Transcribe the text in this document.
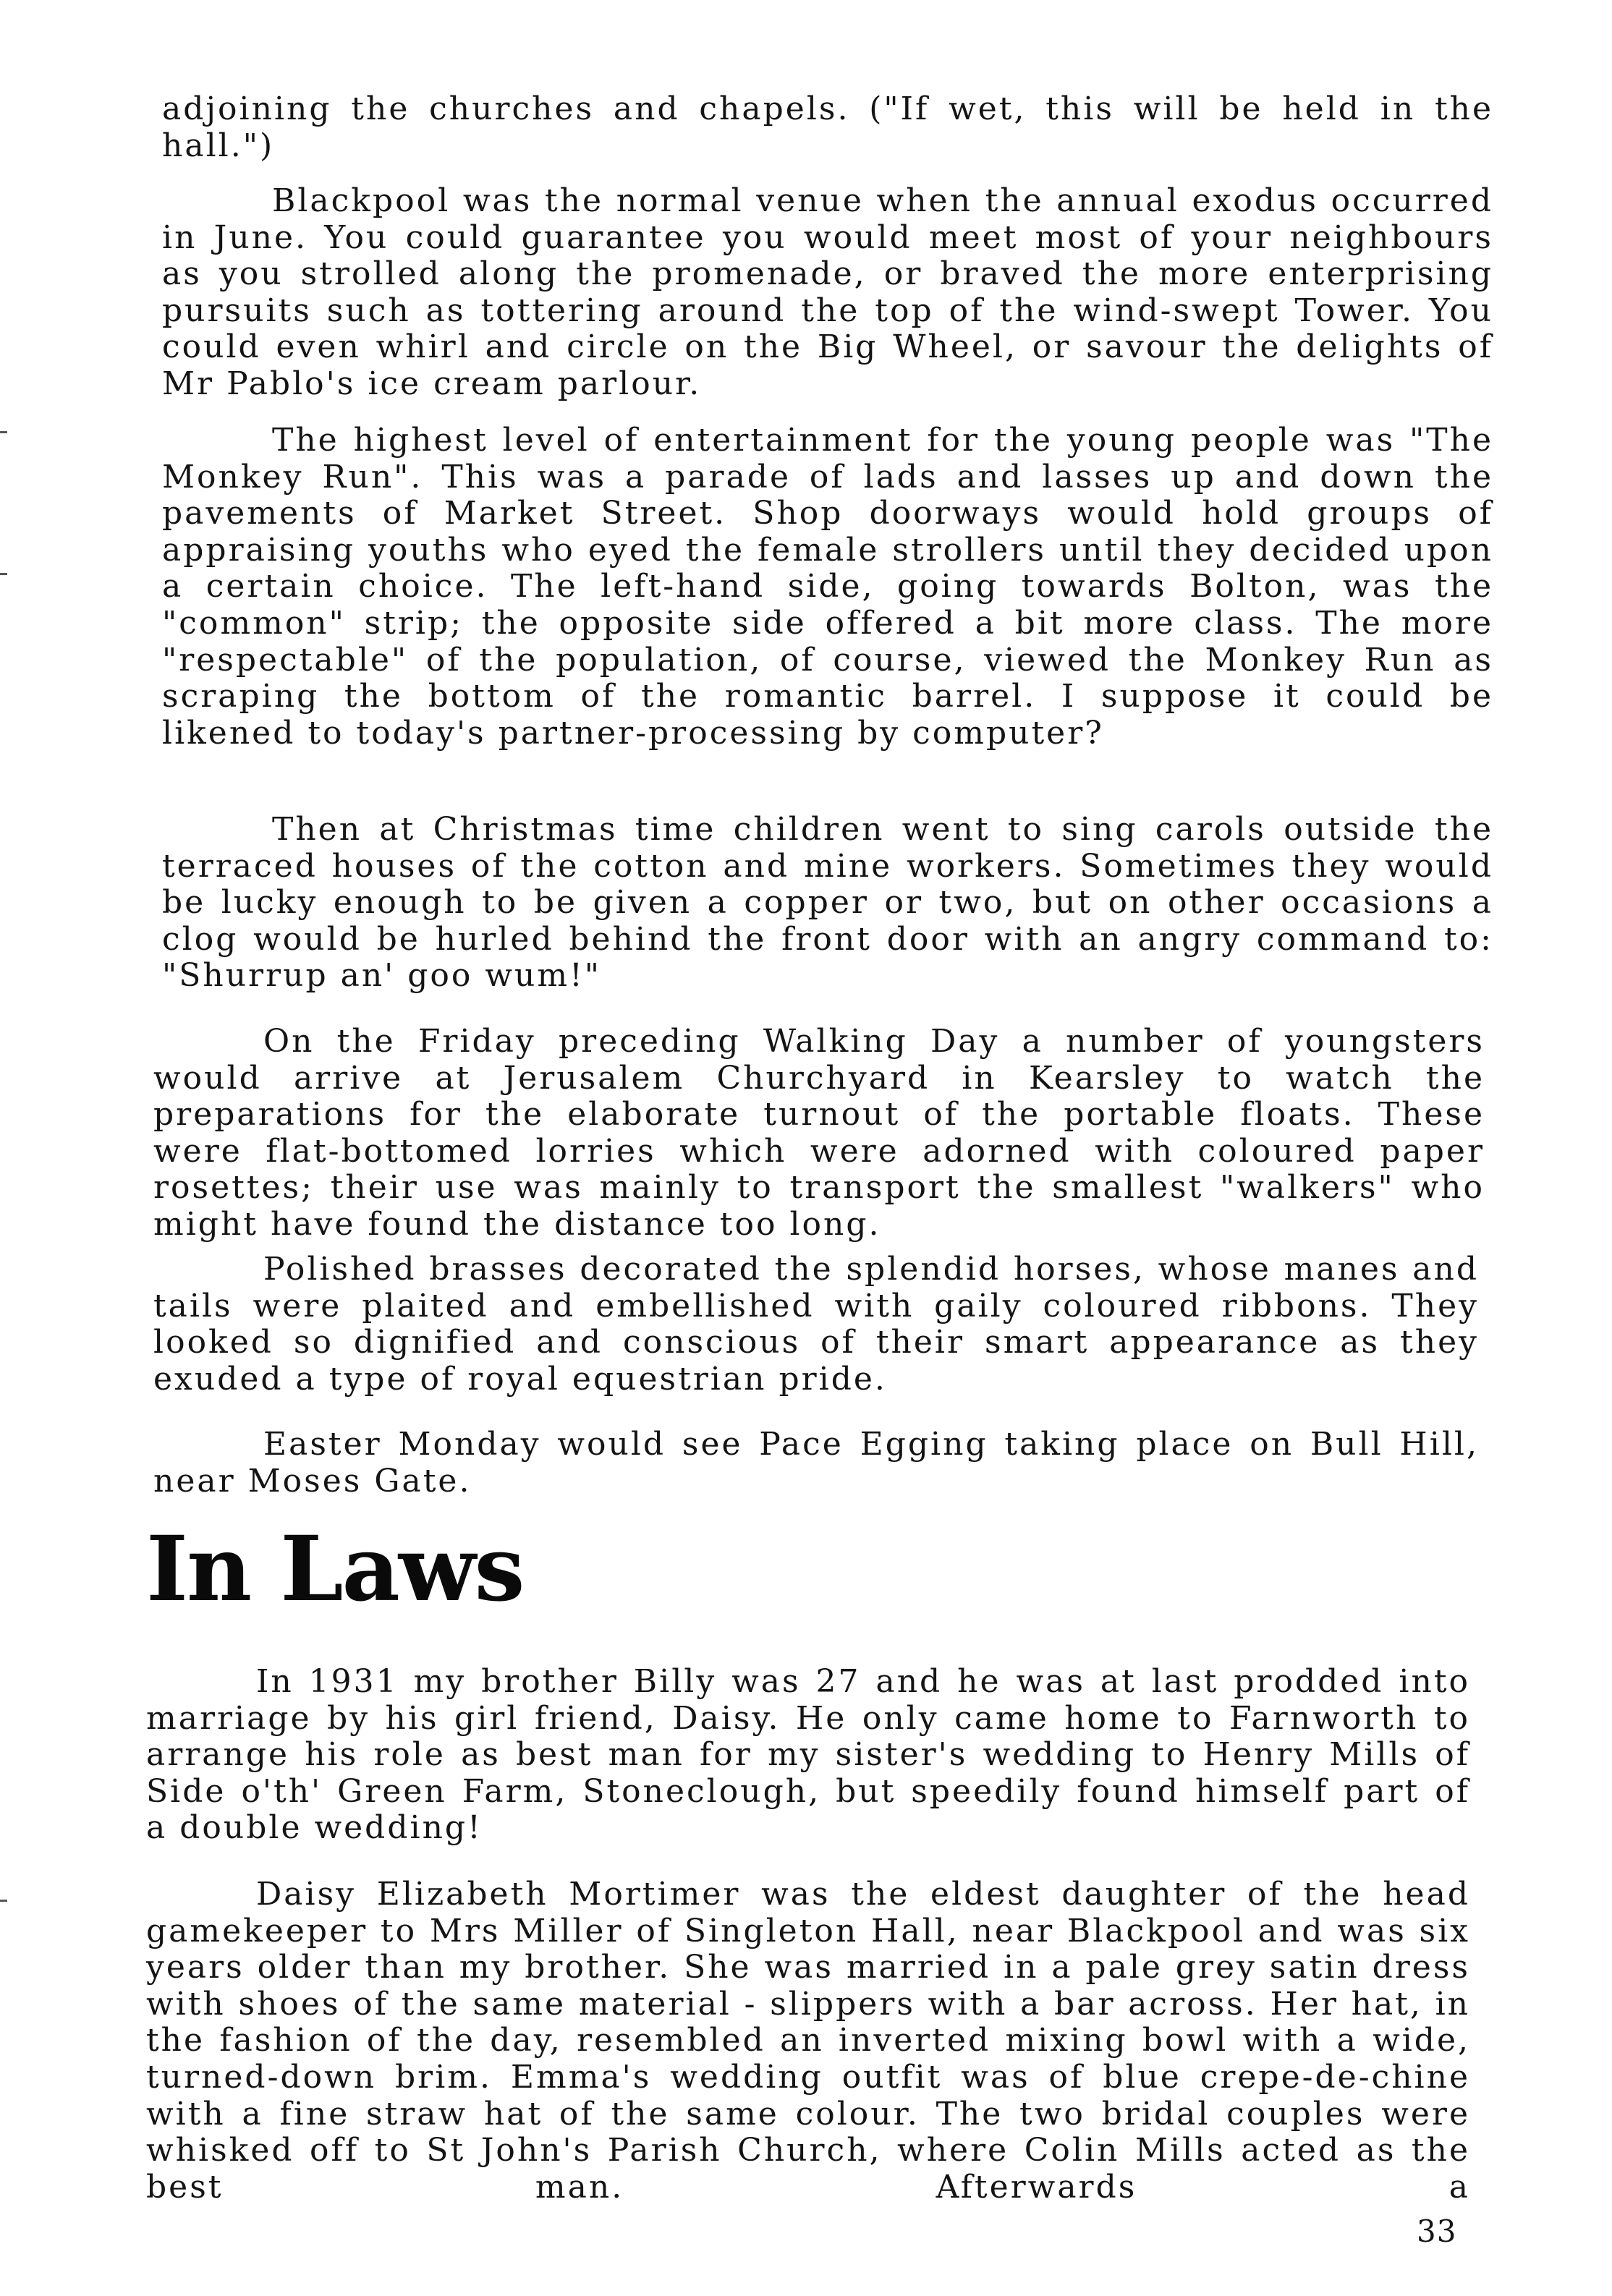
adjoining the churches and chapels. ("If wet, this will be held in the hall.")

Blackpool was the normal venue when the annual exodus occurred in June. You could guarantee you would meet most of your neighbours as you strolled along the promenade, or braved the more enterprising pursuits such as tottering around the top of the wind-swept Tower. You could even whirl and circle on the Big Wheel, or savour the delights of Mr Pablo's ice cream parlour.

The highest level of entertainment for the young people was "The Monkey Run". This was a parade of lads and lasses up and down the pavements of Market Street. Shop doorways would hold groups of appraising youths who eyed the female strollers until they decided upon a certain choice. The left-hand side, going towards Bolton, was the "common" strip; the opposite side offered a bit more class. The more "respectable" of the population, of course, viewed the Monkey Run as scraping the bottom of the romantic barrel. I suppose it could be likened to today's partner-processing by computer?

Then at Christmas time children went to sing carols outside the terraced houses of the cotton and mine workers. Sometimes they would be lucky enough to be given a copper or two, but on other occasions a clog would be hurled behind the front door with an angry command to: "Shurrup an' goo wum!"

On the Friday preceding Walking Day a number of youngsters would arrive at Jerusalem Churchyard in Kearsley to watch the preparations for the elaborate turnout of the portable floats. These were flat-bottomed lorries which were adorned with coloured paper rosettes; their use was mainly to transport the smallest "walkers" who might have found the distance too long.

Polished brasses decorated the splendid horses, whose manes and tails were plaited and embellished with gaily coloured ribbons. They looked so dignified and conscious of their smart appearance as they exuded a type of royal equestrian pride.

Easter Monday would see Pace Egging taking place on Bull Hill, near Moses Gate.

In Laws

In 1931 my brother Billy was 27 and he was at last prodded into marriage by his girl friend, Daisy. He only came home to Farnworth to arrange his role as best man for my sister's wedding to Henry Mills of Side o'th' Green Farm, Stoneclough, but speedily found himself part of a double wedding!

Daisy Elizabeth Mortimer was the eldest daughter of the head gamekeeper to Mrs Miller of Singleton Hall, near Blackpool and was six years older than my brother. She was married in a pale grey satin dress with shoes of the same material - slippers with a bar across. Her hat, in the fashion of the day, resembled an inverted mixing bowl with a wide, turned-down brim. Emma's wedding outfit was of blue crepe-de-chine with a fine straw hat of the same colour. The two bridal couples were whisked off to St John's Parish Church, where Colin Mills acted as the best man. Afterwards a

33
